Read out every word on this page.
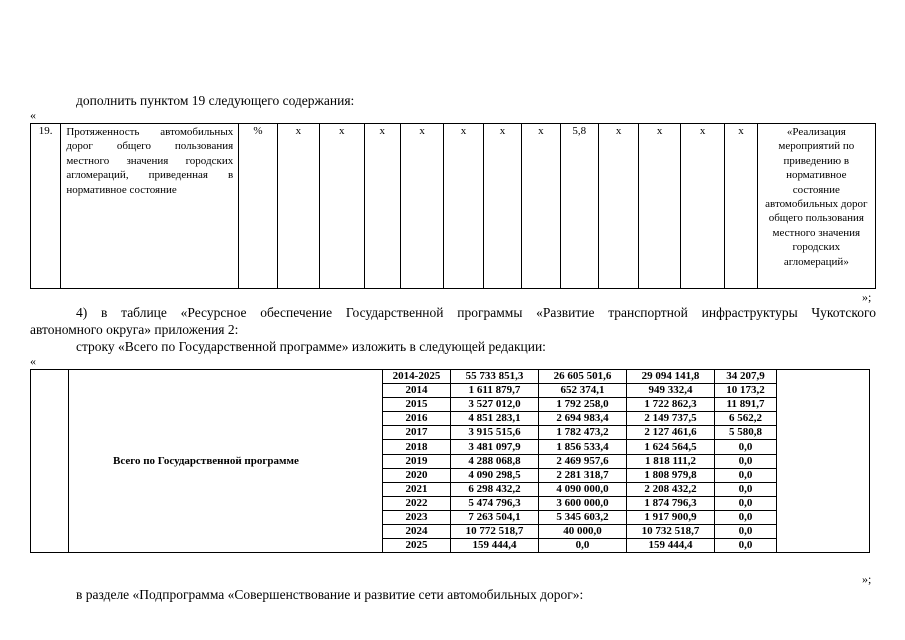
дополнить пунктом 19 следующего содержания:
«
19.	Протяженность автомобильных дорог общего пользования местного значения городских агломераций, приведенная в нормативное состояние	%	х	х	х	х	х	х	х	5,8	х	х	х	х	«Реализация мероприятий по приведению в нормативное состояние автомобильных дорог общего пользования местного значения городских агломераций»
»;
4) в таблице «Ресурсное обеспечение Государственной программы «Развитие транспортной инфраструктуры Чукотского
автономного округа» приложения 2:
строку «Всего по Государственной программе» изложить в следующей редакции:
«
	Всего по Государственной программе	2014-2025	55 733 851,3	26 605 501,6	29 094 141,8	34 207,9	
		2014	1 611 879,7	652 374,1	949 332,4	10 173,2	
		2015	3 527 012,0	1 792 258,0	1 722 862,3	11 891,7	
		2016	4 851 283,1	2 694 983,4	2 149 737,5	6 562,2	
		2017	3 915 515,6	1 782 473,2	2 127 461,6	5 580,8	
		2018	3 481 097,9	1 856 533,4	1 624 564,5	0,0	
		2019	4 288 068,8	2 469 957,6	1 818 111,2	0,0	
		2020	4 090 298,5	2 281 318,7	1 808 979,8	0,0	
		2021	6 298 432,2	4 090 000,0	2 208 432,2	0,0	
		2022	5 474 796,3	3 600 000,0	1 874 796,3	0,0	
		2023	7 263 504,1	5 345 603,2	1 917 900,9	0,0	
		2024	10 772 518,7	40 000,0	10 732 518,7	0,0	
		2025	159 444,4	0,0	159 444,4	0,0	
»;
в разделе «Подпрограмма «Совершенствование и развитие сети автомобильных дорог»:
